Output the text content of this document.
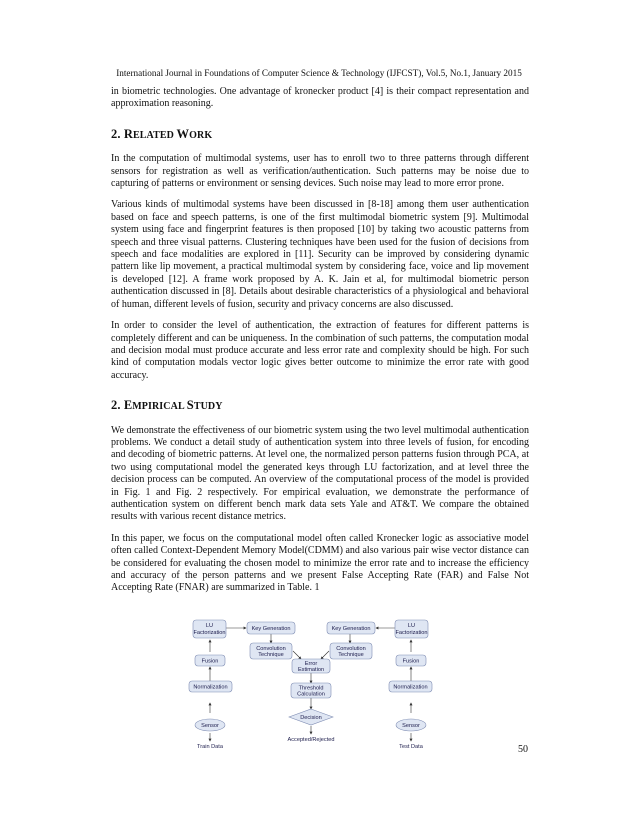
International Journal in Foundations of Computer Science & Technology (IJFCST), Vol.5, No.1, January 2015

in biometric technologies. One advantage of kronecker product [4] is their compact representation and approximation reasoning.

2. RELATED WORK

In the computation of multimodal systems, user has to enroll two to three patterns through different sensors for registration as well as verification/authentication. Such patterns may be noise due to capturing of patterns or environment or sensing devices. Such noise may lead to more error prone.

Various kinds of multimodal systems have been discussed in [8-18] among them user authentication based on face and speech patterns, is one of the first multimodal biometric system [9]. Multimodal system using face and fingerprint features is then proposed [10] by taking two acoustic patterns from speech and three visual patterns. Clustering techniques have been used for the fusion of decisions from speech and face modalities are explored in [11]. Security can be improved by considering dynamic pattern like lip movement, a practical multimodal system by considering face, voice and lip movement is developed [12]. A frame work proposed by A. K. Jain et al, for multimodal biometric person authentication discussed in [8]. Details about desirable characteristics of a physiological and behavioral of human, different levels of fusion, security and privacy concerns are also discussed.

In order to consider the level of authentication, the extraction of features for different patterns is completely different and can be uniqueness. In the combination of such patterns, the computation modal and decision modal must produce accurate and less error rate and complexity should be high. For such kind of computation modals vector logic gives better outcome to minimize the error rate with good accuracy.

2. EMPIRICAL STUDY

We demonstrate the effectiveness of our biometric system using the two level multimodal authentication problems. We conduct a detail study of authentication system into three levels of fusion, for encoding and decoding of biometric patterns. At level one, the normalized person patterns fusion through PCA, at two using computational model the generated keys through LU factorization, and at level three the decision process can be computed. An overview of the computational process of the model is provided in Fig. 1 and Fig. 2 respectively. For empirical evaluation, we demonstrate the performance of authentication system on different bench mark data sets Yale and AT&T. We compare the obtained results with various recent distance metrics.

In this paper, we focus on the computational model often called Kronecker logic as associative model often called Context-Dependent Memory Model(CDMM) and also various pair wise vector distance can be considered for evaluating the chosen model to minimize the error rate and to increase the efficiency and accuracy of the person patterns and we present False Accepting Rate (FAR) and False Not Accepting Rate (FNAR) are summarized in Table. 1

LU
Factorization
Key Generation	Key Generation	LU
Factorization
Convolution
Technique
Convolution
Technique
Fusion	Fusion
Error
Estimation
Normalization	Normalization
Threshold
Calculation
Decision
Sensor	Sensor
Train Data
Accepted/Rejected
Test Data	50
